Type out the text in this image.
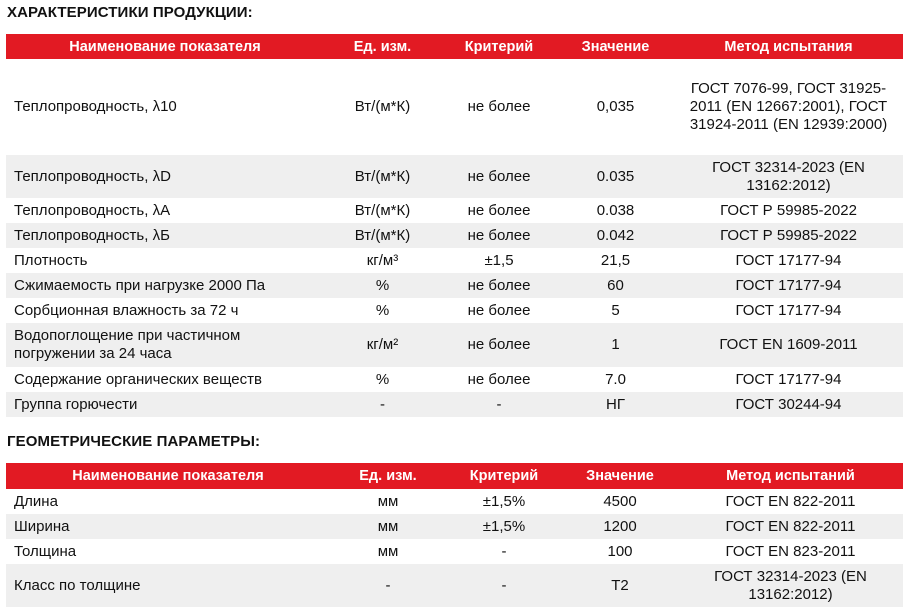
ХАРАКТЕРИСТИКИ ПРОДУКЦИИ:
Наименование показателя	Ед. изм.	Критерий	Значение	Метод испытания
Теплопроводность, λ10	Вт/(м*К)	не более	0,035	ГОСТ 7076-99, ГОСТ 31925-2011 (EN 12667:2001), ГОСТ 31924-2011 (EN 12939:2000)
Теплопроводность, λD	Вт/(м*К)	не более	0.035	ГОСТ 32314-2023 (EN 13162:2012)
Теплопроводность, λА	Вт/(м*К)	не более	0.038	ГОСТ Р 59985-2022
Теплопроводность, λБ	Вт/(м*К)	не более	0.042	ГОСТ Р 59985-2022
Плотность	кг/м³	±1,5	21,5	ГОСТ 17177-94
Сжимаемость при нагрузке 2000 Па	%	не более	60	ГОСТ 17177-94
Сорбционная влажность за 72 ч	%	не более	5	ГОСТ 17177-94
Водопоглощение при частичном погружении за 24 часа	кг/м²	не более	1	ГОСТ EN 1609-2011
Содержание органических веществ	%	не более	7.0	ГОСТ 17177-94
Группа горючести	-	-	НГ	ГОСТ 30244-94
ГЕОМЕТРИЧЕСКИЕ ПАРАМЕТРЫ:
Наименование показателя	Ед. изм.	Критерий	Значение	Метод испытаний
Длина	мм	±1,5%	4500	ГОСТ EN 822-2011
Ширина	мм	±1,5%	1200	ГОСТ EN 822-2011
Толщина	мм	-	100	ГОСТ EN 823-2011
Класс по толщине	-	-	T2	ГОСТ 32314-2023 (EN 13162:2012)
